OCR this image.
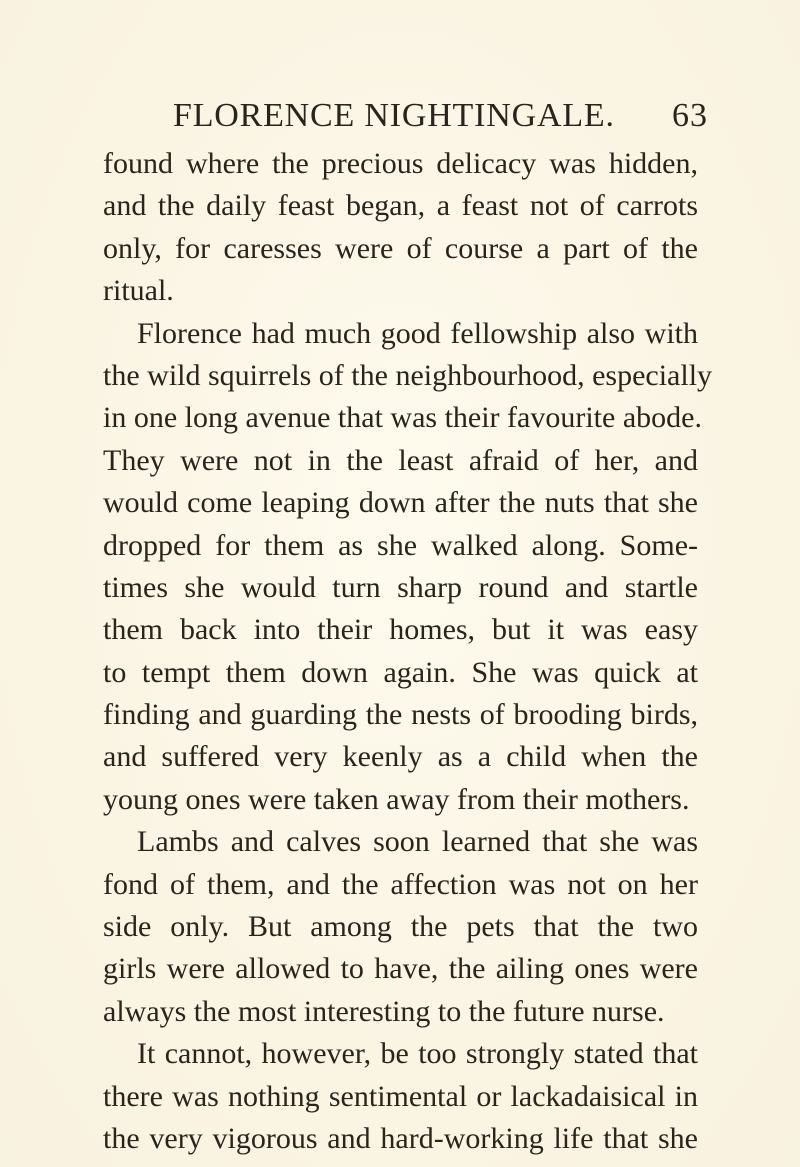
FLORENCE NIGHTINGALE. 63
found where the precious delicacy was hidden,
and the daily feast began, a feast not of carrots
only, for caresses were of course a part of the
ritual.
Florence had much good fellowship also with
the wild squirrels of the neighbourhood, especially
in one long avenue that was their favourite abode.
They were not in the least afraid of her, and
would come leaping down after the nuts that she
dropped for them as she walked along. Some-
times she would turn sharp round and startle
them back into their homes, but it was easy
to tempt them down again. She was quick at
finding and guarding the nests of brooding birds,
and suffered very keenly as a child when the
young ones were taken away from their mothers.
Lambs and calves soon learned that she was
fond of them, and the affection was not on her
side only. But among the pets that the two
girls were allowed to have, the ailing ones were
always the most interesting to the future nurse.
It cannot, however, be too strongly stated that
there was nothing sentimental or lackadaisical in
the very vigorous and hard-working life that she
